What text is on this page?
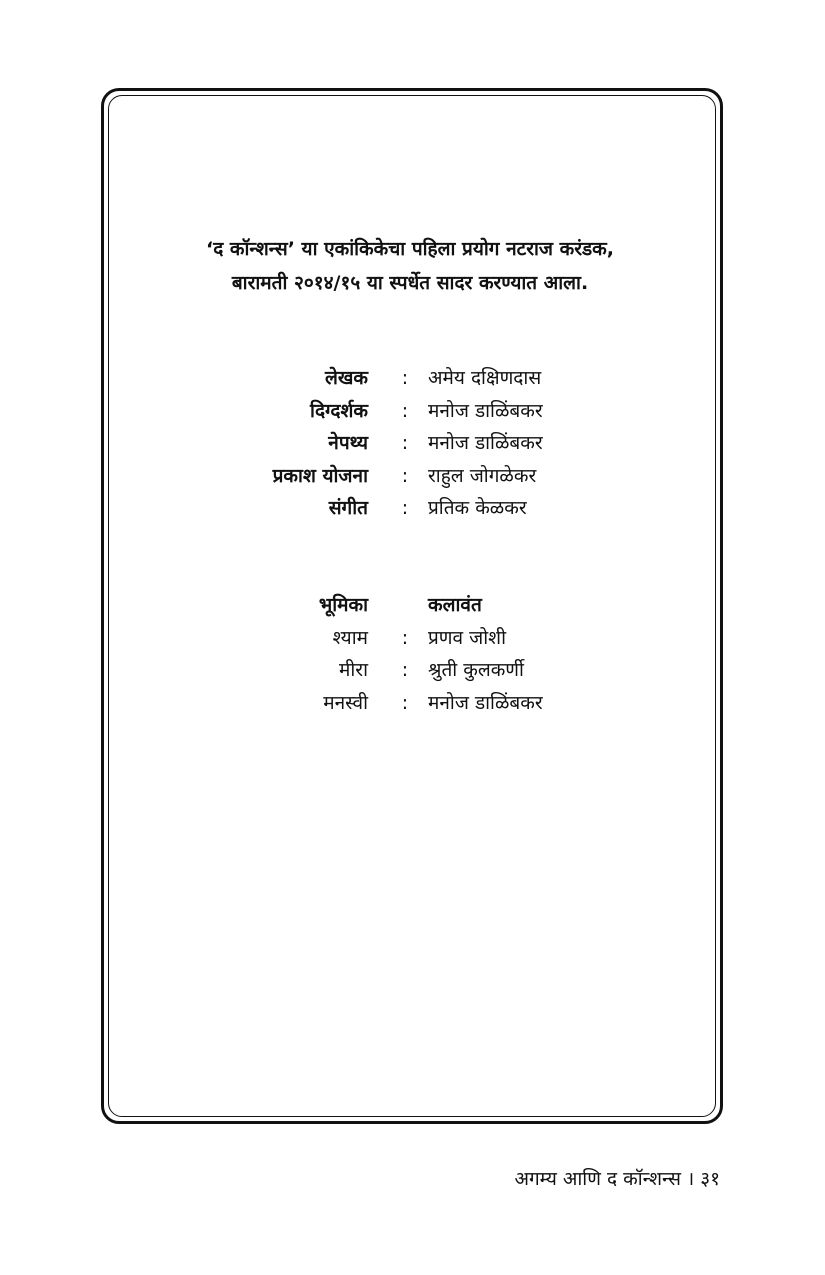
‘द कॉन्शन्स’ या एकांकिकेचा पहिला प्रयोग नटराज करंडक,
बारामती २०१४/१५ या स्पर्धेत सादर करण्यात आला.
लेखक : अमेय दक्षिणदास
दिग्दर्शक : मनोज डाळिंबकर
नेपथ्य : मनोज डाळिंबकर
प्रकाश योजना : राहुल जोगळेकर
संगीत : प्रतिक केळकर
भूमिका	कलावंत
श्याम : प्रणव जोशी
मीरा : श्रुती कुलकर्णी
मनस्वी : मनोज डाळिंबकर
अगम्य आणि द कॉन्शन्स । ३१
